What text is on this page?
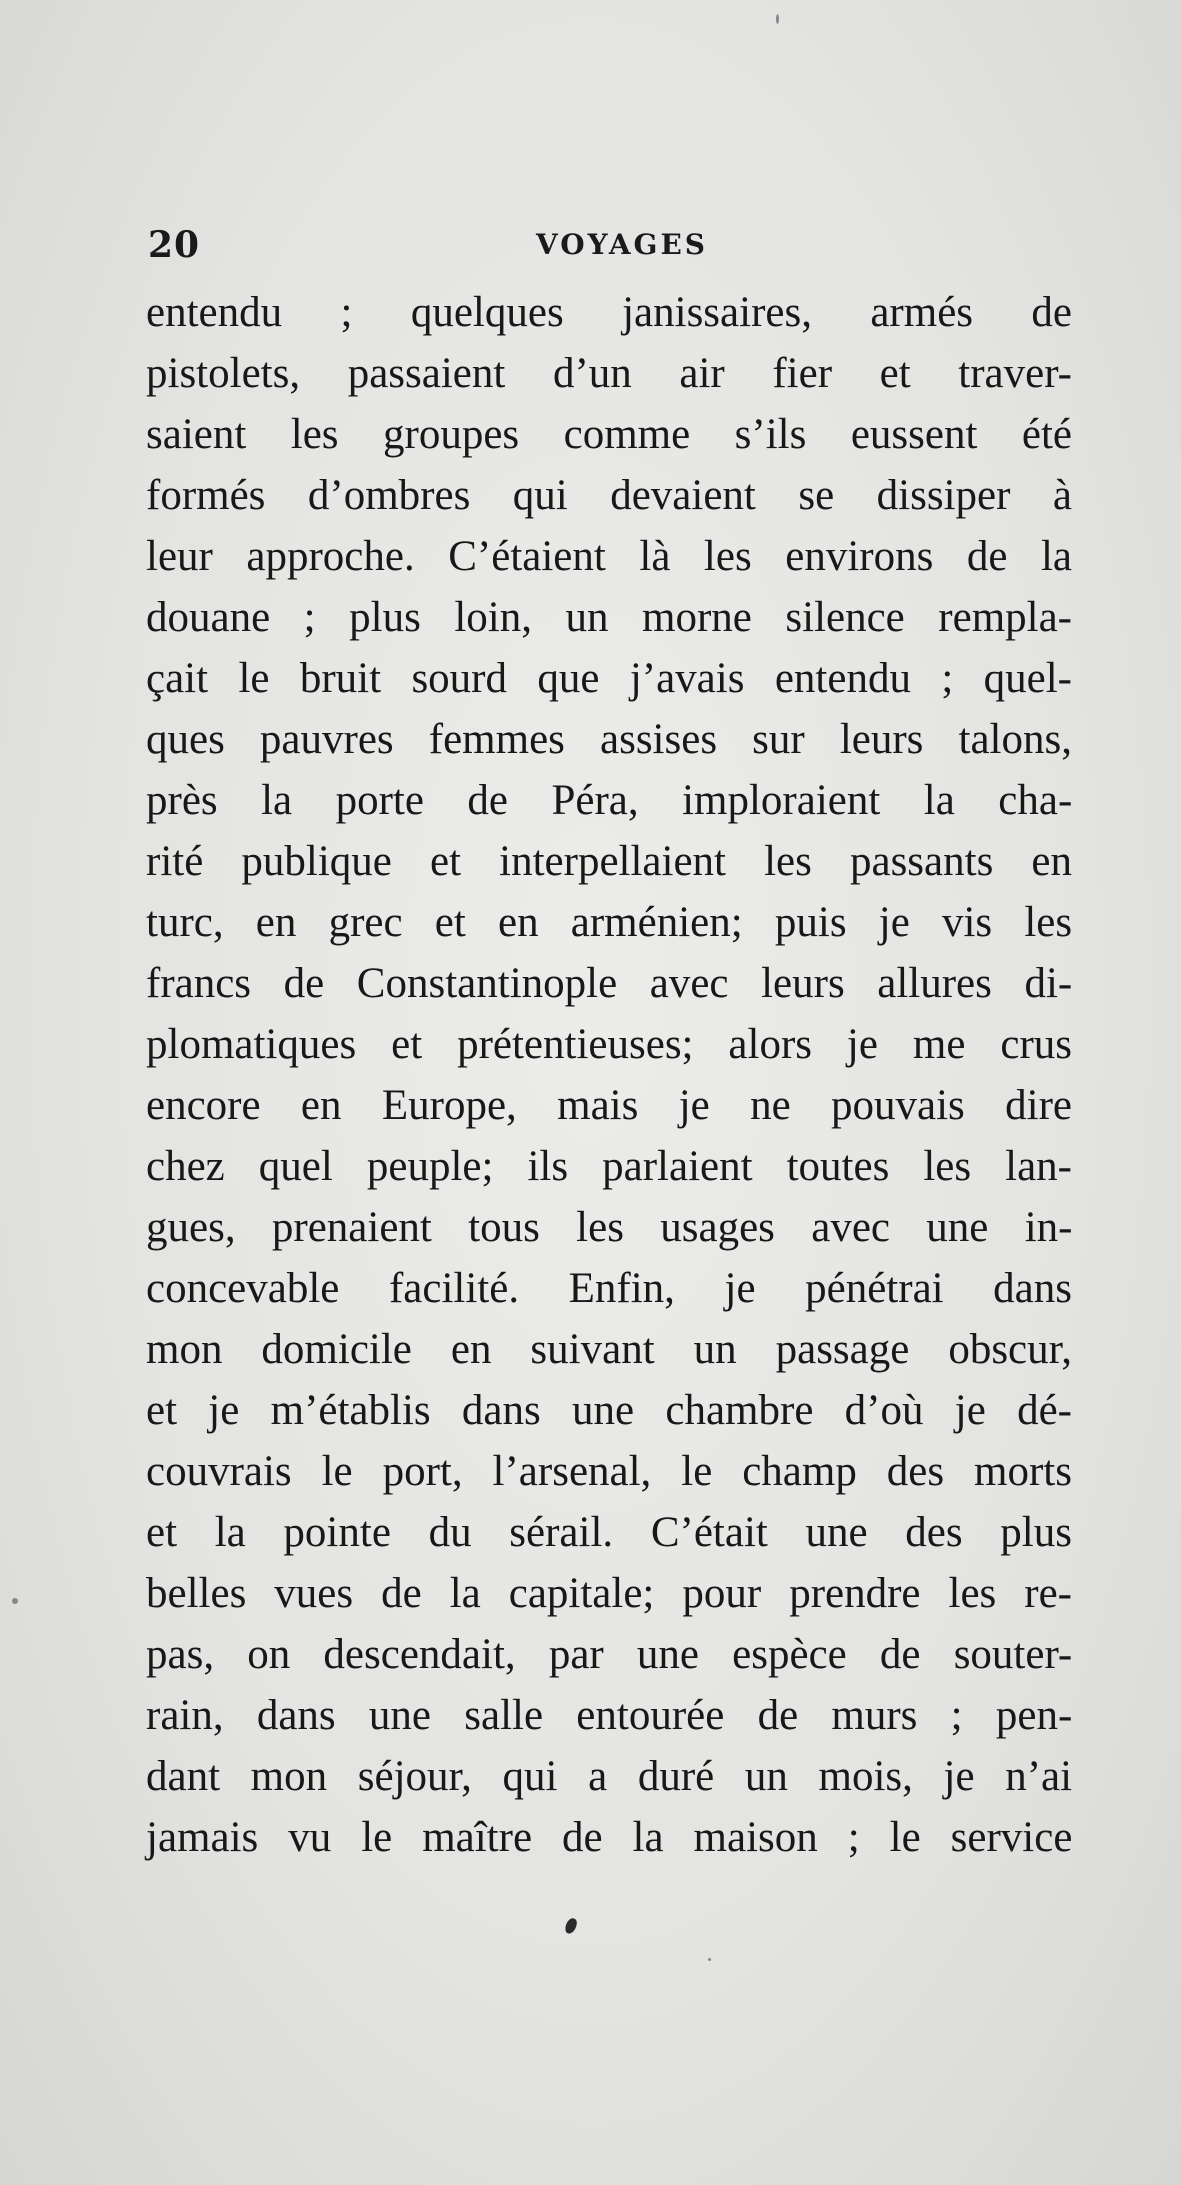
20	VOYAGES
entendu ; quelques janissaires, armés de
pistolets, passaient d’un air fier et traver-
saient les groupes comme s’ils eussent été
formés d’ombres qui devaient se dissiper à
leur approche. C’étaient là les environs de la
douane ; plus loin, un morne silence rempla-
çait le bruit sourd que j’avais entendu ; quel-
ques pauvres femmes assises sur leurs talons,
près la porte de Péra, imploraient la cha-
rité publique et interpellaient les passants en
turc, en grec et en arménien; puis je vis les
francs de Constantinople avec leurs allures di-
plomatiques et prétentieuses; alors je me crus
encore en Europe, mais je ne pouvais dire
chez quel peuple; ils parlaient toutes les lan-
gues, prenaient tous les usages avec une in-
concevable facilité. Enfin, je pénétrai dans
mon domicile en suivant un passage obscur,
et je m’établis dans une chambre d’où je dé-
couvrais le port, l’arsenal, le champ des morts
et la pointe du sérail. C’était une des plus
belles vues de la capitale; pour prendre les re-
pas, on descendait, par une espèce de souter-
rain, dans une salle entourée de murs ; pen-
dant mon séjour, qui a duré un mois, je n’ai
jamais vu le maître de la maison ; le service
